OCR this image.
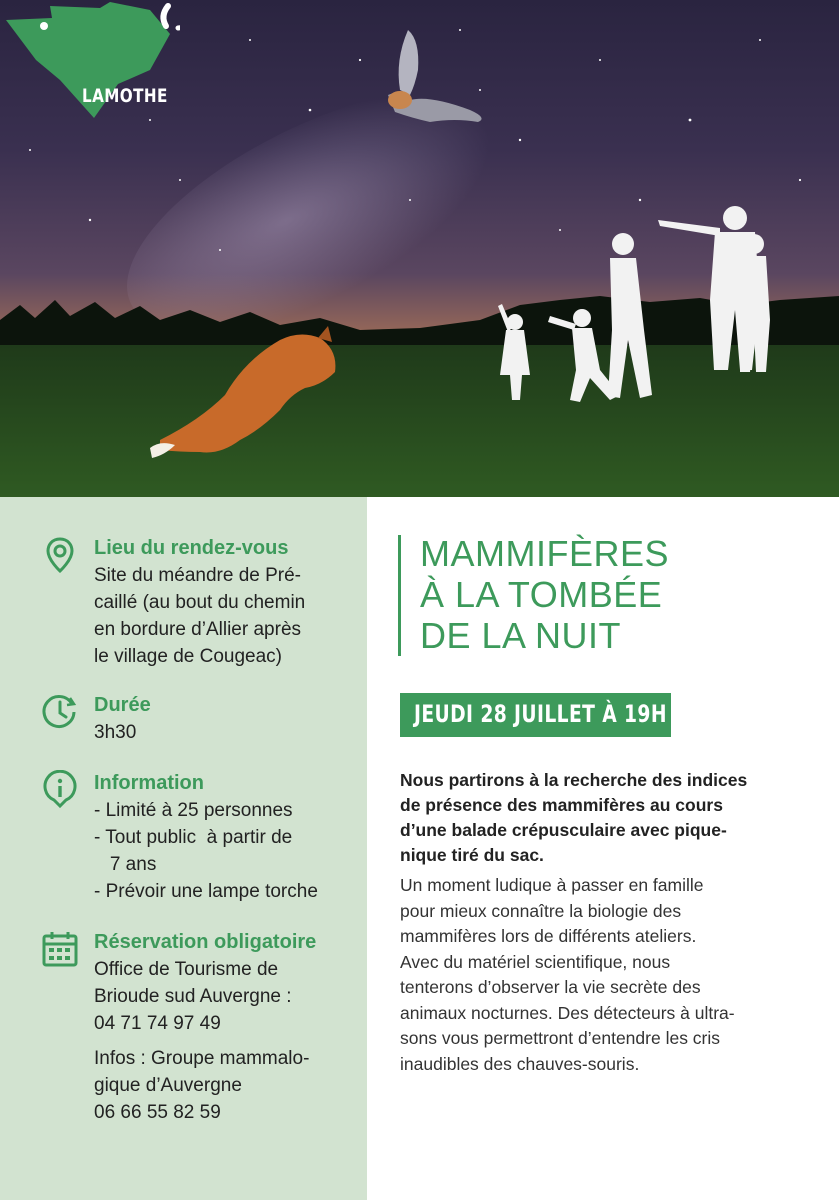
LAMOTHE
Lieu du rendez-vous
Site du méandre de Pré-
caillé (au bout du chemin
en bordure d’Allier après
le village de Cougeac)
Durée
3h30
Information
- Limité à 25 personnes
- Tout public  à partir de
7 ans
- Prévoir une lampe torche
Réservation obligatoire
Office de Tourisme de
Brioude sud Auvergne :
04 71 74 97 49
Infos : Groupe mammalo-
gique d’Auvergne
06 66 55 82 59
MAMMIFÈRES
À LA TOMBÉE
DE LA NUIT
JEUDI 28 JUILLET À 19H
Nous partirons à la recherche des indices
de présence des mammifères au cours
d’une balade crépusculaire avec pique-
nique tiré du sac.
Un moment ludique à passer en famille
pour mieux connaître la biologie des
mammifères lors de différents ateliers.
Avec du matériel scientifique, nous
tenterons d’observer la vie secrète des
animaux nocturnes. Des détecteurs à ultra-
sons vous permettront d’entendre les cris
inaudibles des chauves-souris.
